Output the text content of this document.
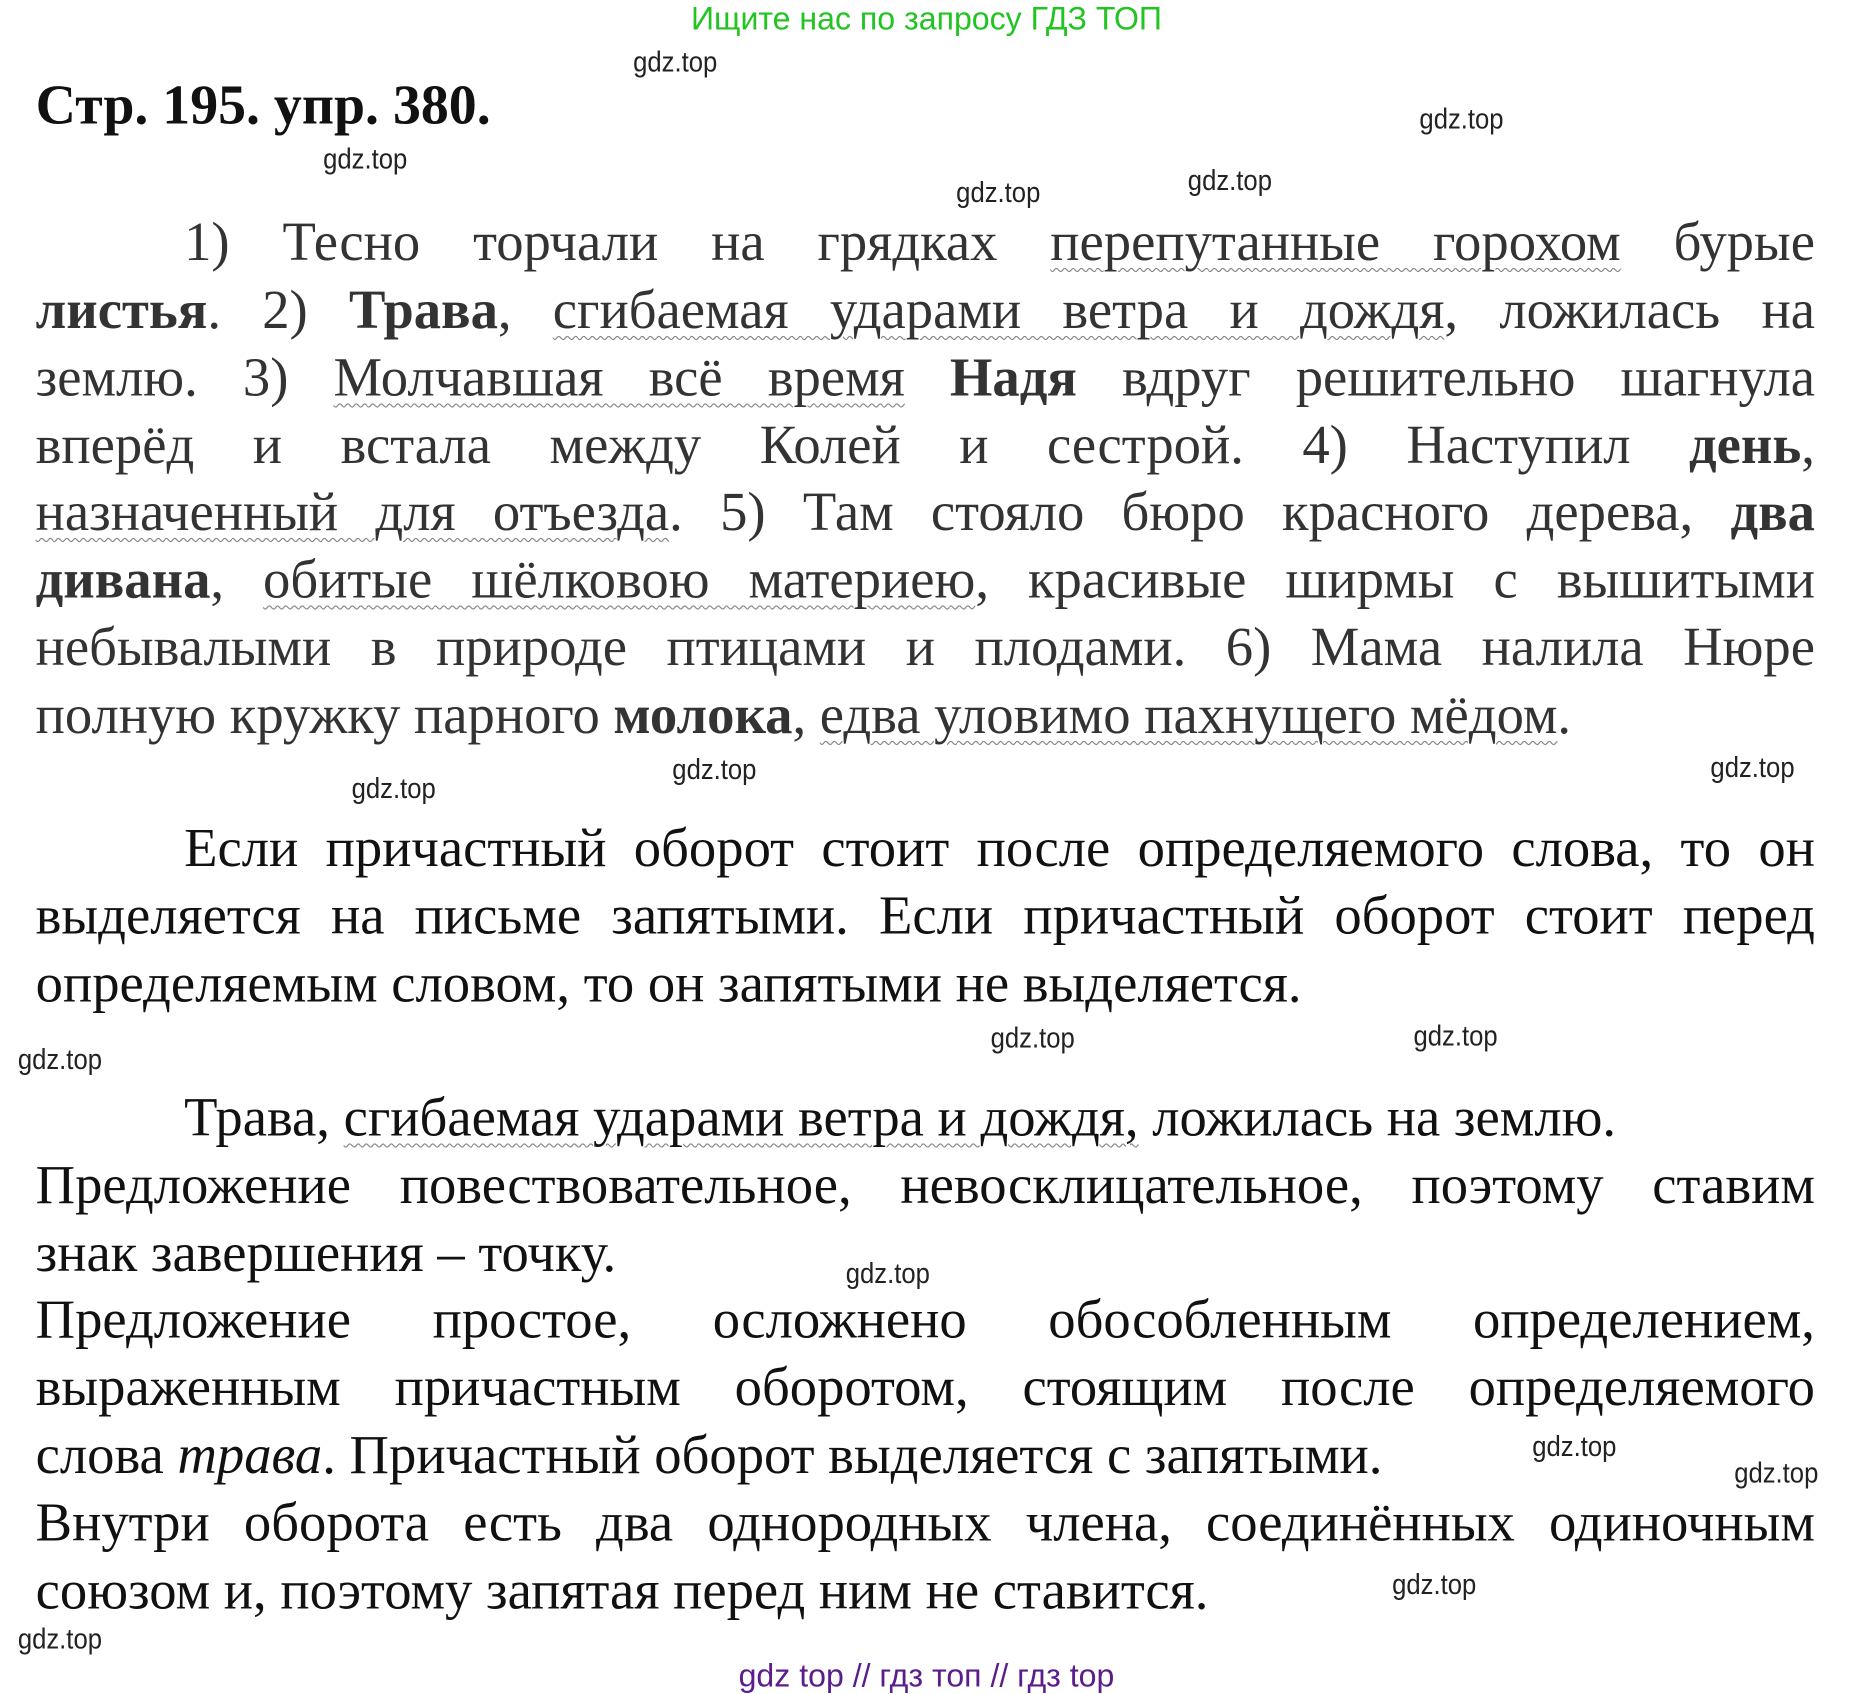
Ищите нас по запросу ГДЗ ТОП
Стр. 195. упр. 380.
1) Тесно торчали на грядках перепутанные горохом бурые
листья. 2) Трава, сгибаемая ударами ветра и дождя, ложилась на
землю. 3) Молчавшая всё время Надя вдруг решительно шагнула
вперёд и встала между Колей и сестрой. 4) Наступил день,
назначенный для отъезда. 5) Там стояло бюро красного дерева, два
дивана, обитые шёлковою материею, красивые ширмы с вышитыми
небывалыми в природе птицами и плодами. 6) Мама налила Нюре
полную кружку парного молока, едва уловимо пахнущего мёдом.
Если причастный оборот стоит после определяемого слова, то он
выделяется на письме запятыми. Если причастный оборот стоит перед
определяемым словом, то он запятыми не выделяется.
Трава, сгибаемая ударами ветра и дождя, ложилась на землю.
Предложение повествовательное, невосклицательное, поэтому ставим
знак завершения – точку.
Предложение простое, осложнено обособленным определением,
выраженным причастным оборотом, стоящим после определяемого
слова трава. Причастный оборот выделяется с запятыми.
Внутри оборота есть два однородных члена, соединённых одиночным
союзом и, поэтому запятая перед ним не ставится.
gdz.top
gdz.top
gdz.top
gdz.top	gdz.top
gdz.top
gdz.top
gdz.top
gdz.top
gdz.top
gdz.top
gdz.top
gdz.top
gdz.top
gdz.top
gdz.top
gdz top // гдз топ // гдз top
